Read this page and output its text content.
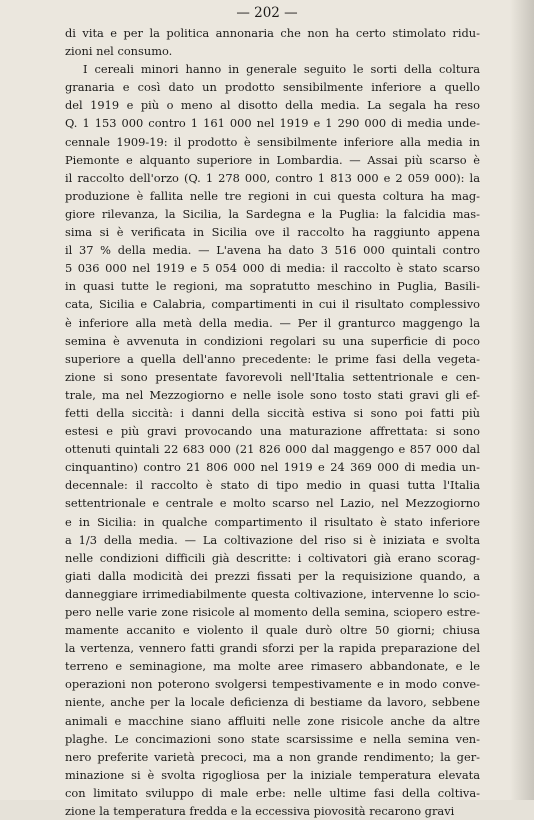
— 202 —
di vita e per la politica annonaria che non ha certo stimolato ridu-
zioni nel consumo.
I cereali minori hanno in generale seguito le sorti della coltura
granaria e così dato un prodotto sensibilmente inferiore a quello
del 1919 e più o meno al disotto della media. La segala ha reso
Q. 1 153 000 contro 1 161 000 nel 1919 e 1 290 000 di media unde-
cennale 1909-19: il prodotto è sensibilmente inferiore alla media in
Piemonte e alquanto superiore in Lombardia. — Assai più scarso è
il raccolto dell'orzo (Q. 1 278 000, contro 1 813 000 e 2 059 000): la
produzione è fallita nelle tre regioni in cui questa coltura ha mag-
giore rilevanza, la Sicilia, la Sardegna e la Puglia: la falcidia mas-
sima si è verificata in Sicilia ove il raccolto ha raggiunto appena
il 37 % della media. — L'avena ha dato 3 516 000 quintali contro
5 036 000 nel 1919 e 5 054 000 di media: il raccolto è stato scarso
in quasi tutte le regioni, ma sopratutto meschino in Puglia, Basili-
cata, Sicilia e Calabria, compartimenti in cui il risultato complessivo
è inferiore alla metà della media. — Per il granturco maggengo la
semina è avvenuta in condizioni regolari su una superficie di poco
superiore a quella dell'anno precedente: le prime fasi della vegeta-
zione si sono presentate favorevoli nell'Italia settentrionale e cen-
trale, ma nel Mezzogiorno e nelle isole sono tosto stati gravi gli ef-
fetti della siccità: i danni della siccità estiva si sono poi fatti più
estesi e più gravi provocando una maturazione affrettata: si sono
ottenuti quintali 22 683 000 (21 826 000 dal maggengo e 857 000 dal
cinquantino) contro 21 806 000 nel 1919 e 24 369 000 di media un-
decennale: il raccolto è stato di tipo medio in quasi tutta l'Italia
settentrionale e centrale e molto scarso nel Lazio, nel Mezzogiorno
e in Sicilia: in qualche compartimento il risultato è stato inferiore
a 1/3 della media. — La coltivazione del riso si è iniziata e svolta
nelle condizioni difficili già descritte: i coltivatori già erano scorag-
giati dalla modicità dei prezzi fissati per la requisizione quando, a
danneggiare irrimediabilmente questa coltivazione, intervenne lo scio-
pero nelle varie zone risicole al momento della semina, sciopero estre-
mamente accanito e violento il quale durò oltre 50 giorni; chiusa
la vertenza, vennero fatti grandi sforzi per la rapida preparazione del
terreno e seminagione, ma molte aree rimasero abbandonate, e le
operazioni non poterono svolgersi tempestivamente e in modo conve-
niente, anche per la locale deficienza di bestiame da lavoro, sebbene
animali e macchine siano affluiti nelle zone risicole anche da altre
plaghe. Le concimazioni sono state scarsissime e nella semina ven-
nero preferite varietà precoci, ma a non grande rendimento; la ger-
minazione si è svolta rigogliosa per la iniziale temperatura elevata
con limitato sviluppo di male erbe: nelle ultime fasi della coltiva-
zione la temperatura fredda e la eccessiva piovosità recarono gravi
